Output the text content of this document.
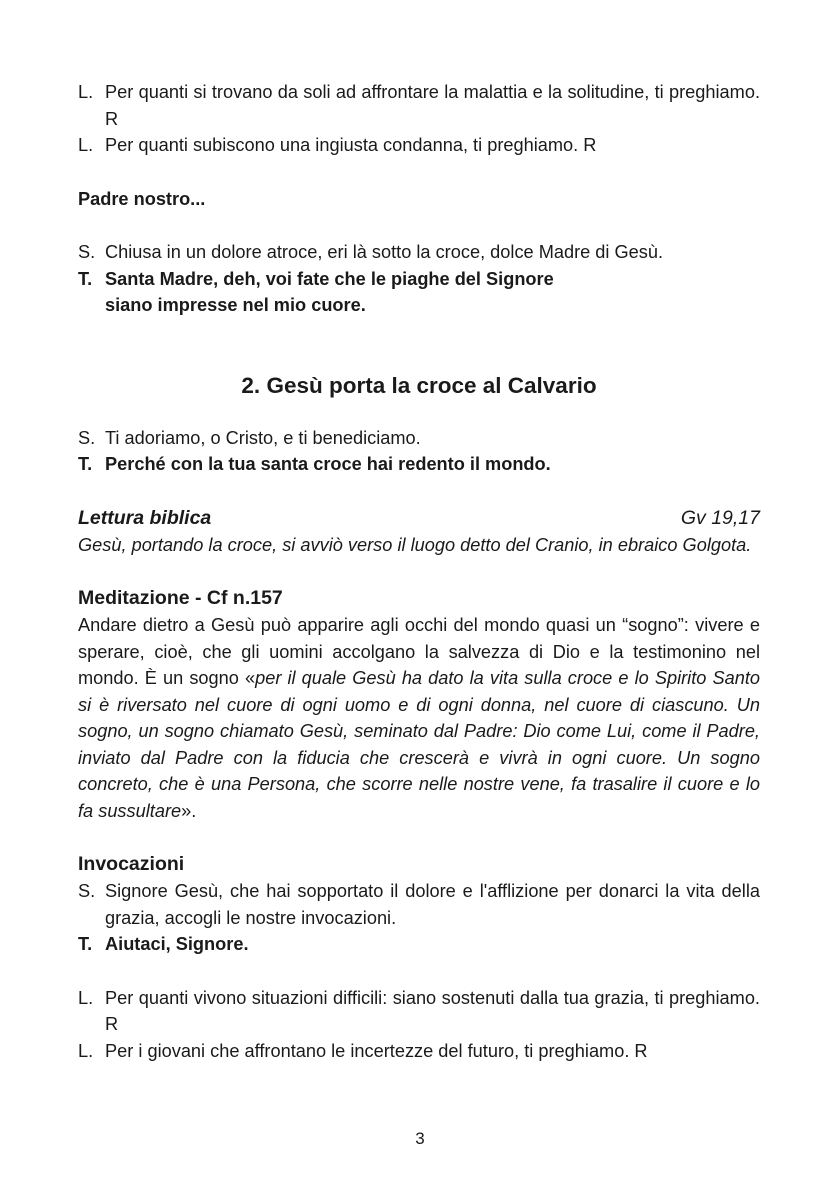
L. Per quanti si trovano da soli ad affrontare la malattia e la solitudine, ti preghiamo. R
L. Per quanti subiscono una ingiusta condanna, ti preghiamo. R
Padre nostro...
S. Chiusa in un dolore atroce, eri là sotto la croce, dolce Madre di Gesù.
T. Santa Madre, deh, voi fate che le piaghe del Signore
siano impresse nel mio cuore.
2. Gesù porta la croce al Calvario
S. Ti adoriamo, o Cristo, e ti benediciamo.
T. Perché con la tua santa croce hai redento il mondo.
Lettura biblica	Gv 19,17
Gesù, portando la croce, si avviò verso il luogo detto del Cranio, in ebraico Golgota.
Meditazione - Cf n.157
Andare dietro a Gesù può apparire agli occhi del mondo quasi un “sogno”: vivere e sperare, cioè, che gli uomini accolgano la salvezza di Dio e la testimonino nel mondo. È un sogno «per il quale Gesù ha dato la vita sulla croce e lo Spirito Santo si è riversato nel cuore di ogni uomo e di ogni donna, nel cuore di ciascuno. Un sogno, un sogno chiamato Gesù, seminato dal Padre: Dio come Lui, come il Padre, inviato dal Padre con la fiducia che crescerà e vivrà in ogni cuore. Un sogno concreto, che è una Persona, che scorre nelle nostre vene, fa trasalire il cuore e lo fa sussultare».
Invocazioni
S. Signore Gesù, che hai sopportato il dolore e l'afflizione per donarci la vita della grazia, accogli le nostre invocazioni.
T. Aiutaci, Signore.
L. Per quanti vivono situazioni difficili: siano sostenuti dalla tua grazia, ti preghiamo. R
L. Per i giovani che affrontano le incertezze del futuro, ti preghiamo. R
3
